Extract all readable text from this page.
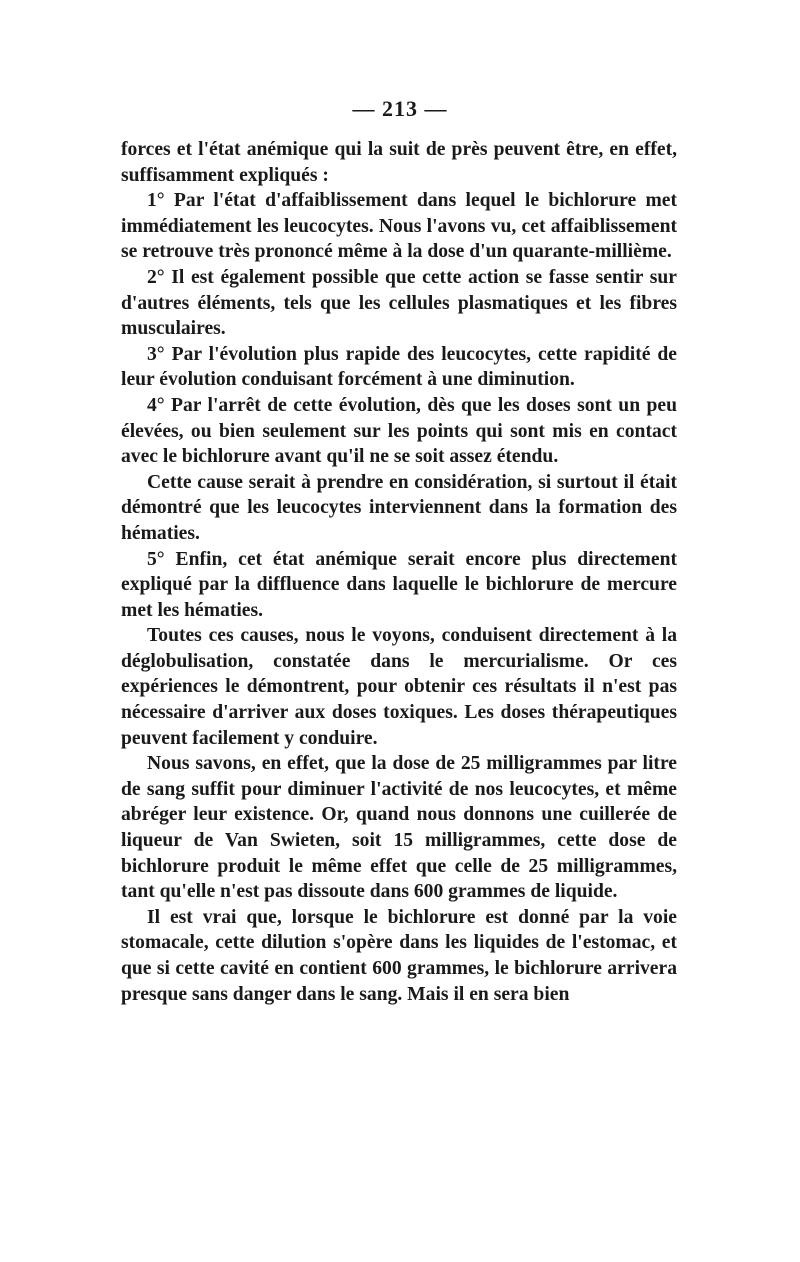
— 213 —

forces et l'état anémique qui la suit de près peuvent être, en effet, suffisamment expliqués :

1° Par l'état d'affaiblissement dans lequel le bichlorure met immédiatement les leucocytes. Nous l'avons vu, cet affaiblissement se retrouve très prononcé même à la dose d'un quarante-millième.

2° Il est également possible que cette action se fasse sentir sur d'autres éléments, tels que les cellules plasmatiques et les fibres musculaires.

3° Par l'évolution plus rapide des leucocytes, cette rapidité de leur évolution conduisant forcément à une diminution.

4° Par l'arrêt de cette évolution, dès que les doses sont un peu élevées, ou bien seulement sur les points qui sont mis en contact avec le bichlorure avant qu'il ne se soit assez étendu.

Cette cause serait à prendre en considération, si surtout il était démontré que les leucocytes interviennent dans la formation des hématies.

5° Enfin, cet état anémique serait encore plus directement expliqué par la diffluence dans laquelle le bichlorure de mercure met les hématies.

Toutes ces causes, nous le voyons, conduisent directement à la déglobulisation, constatée dans le mercurialisme. Or ces expériences le démontrent, pour obtenir ces résultats il n'est pas nécessaire d'arriver aux doses toxiques. Les doses thérapeutiques peuvent facilement y conduire.

Nous savons, en effet, que la dose de 25 milligrammes par litre de sang suffit pour diminuer l'activité de nos leucocytes, et même abréger leur existence. Or, quand nous donnons une cuillerée de liqueur de Van Swieten, soit 15 milligrammes, cette dose de bichlorure produit le même effet que celle de 25 milligrammes, tant qu'elle n'est pas dissoute dans 600 grammes de liquide.

Il est vrai que, lorsque le bichlorure est donné par la voie stomacale, cette dilution s'opère dans les liquides de l'estomac, et que si cette cavité en contient 600 grammes, le bichlorure arrivera presque sans danger dans le sang. Mais il en sera bien
